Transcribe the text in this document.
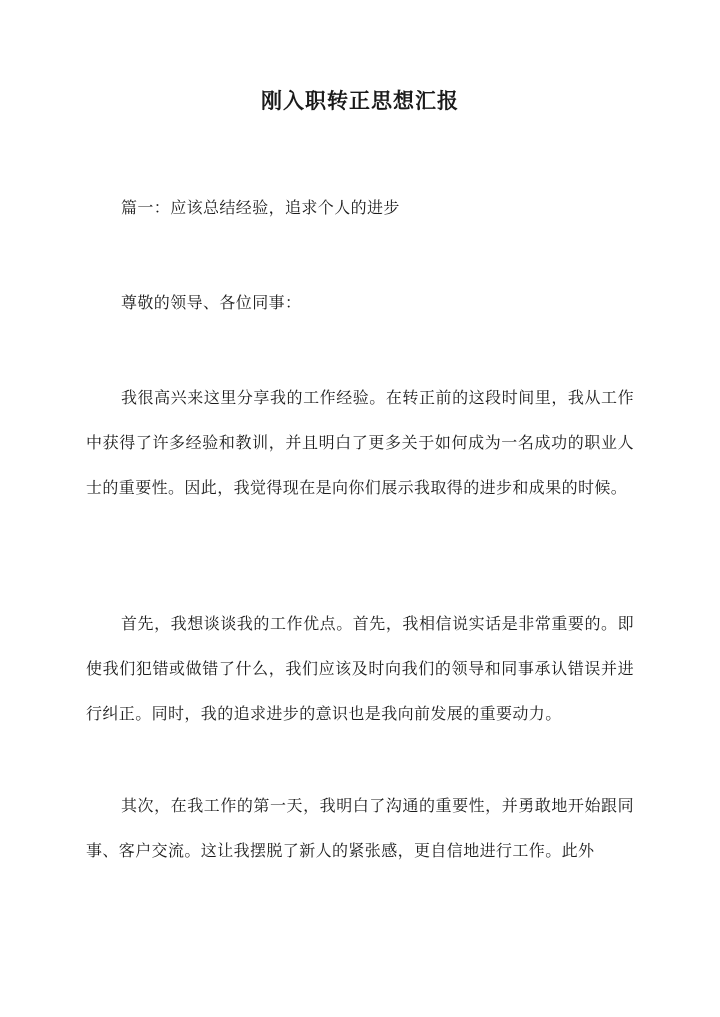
刚入职转正思想汇报

篇一：应该总结经验，追求个人的进步

尊敬的领导、各位同事：

我很高兴来这里分享我的工作经验。在转正前的这段时间里，我从工作中获得了许多经验和教训，并且明白了更多关于如何成为一名成功的职业人士的重要性。因此，我觉得现在是向你们展示我取得的进步和成果的时候。

首先，我想谈谈我的工作优点。首先，我相信说实话是非常重要的。即使我们犯错或做错了什么，我们应该及时向我们的领导和同事承认错误并进行纠正。同时，我的追求进步的意识也是我向前发展的重要动力。

其次，在我工作的第一天，我明白了沟通的重要性，并勇敢地开始跟同事、客户交流。这让我摆脱了新人的紧张感，更自信地进行工作。此外
